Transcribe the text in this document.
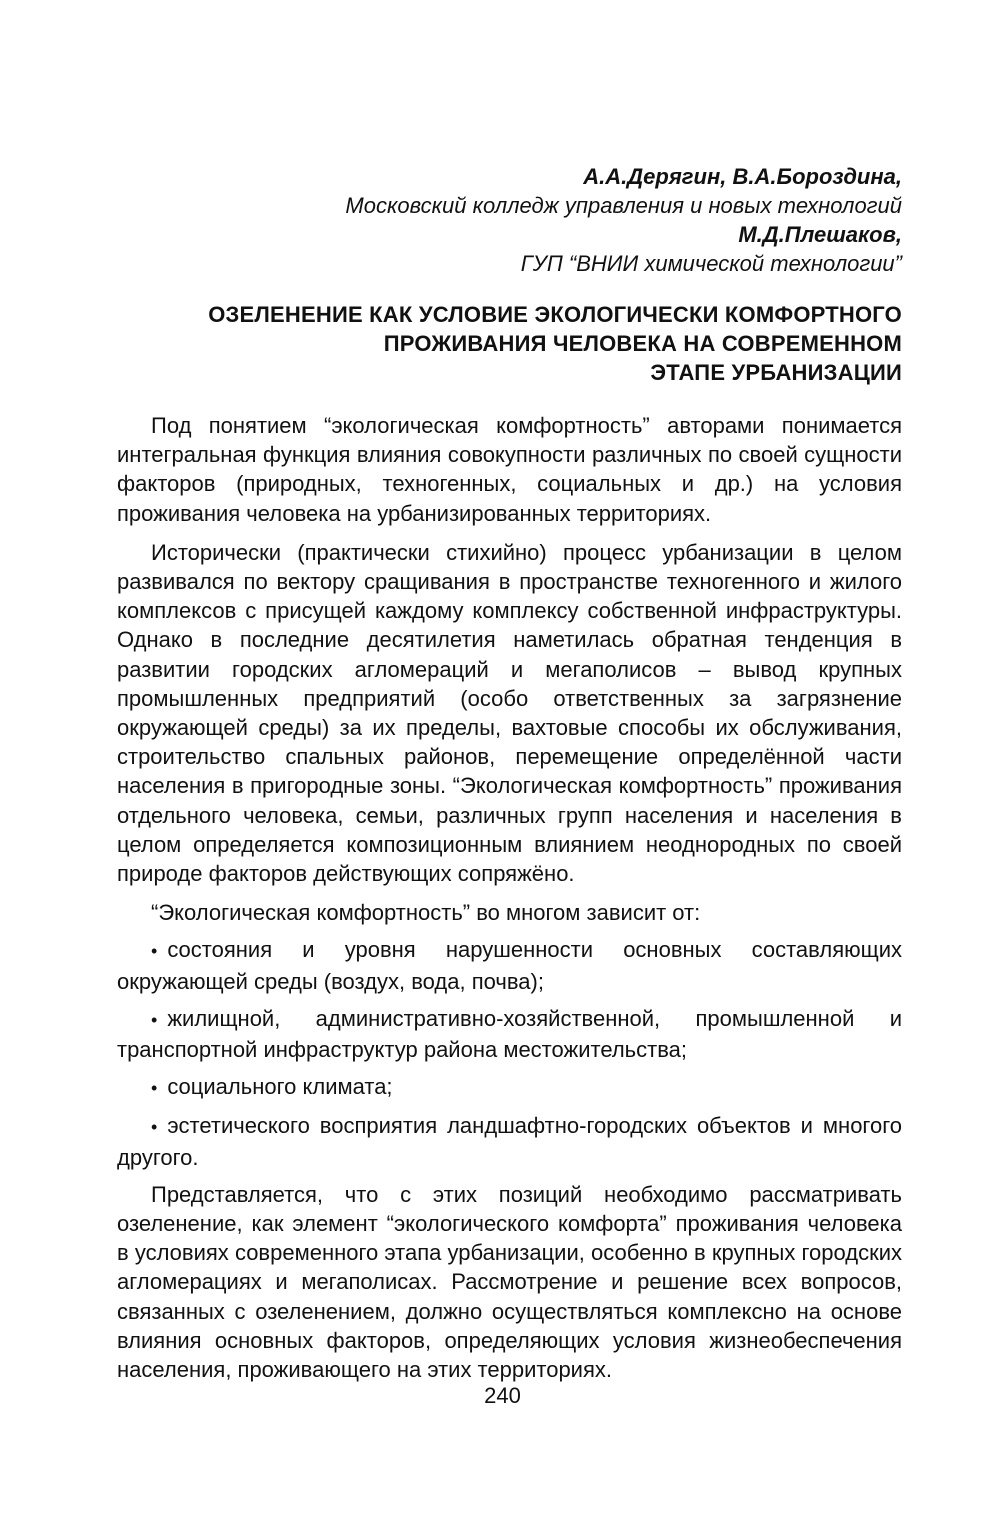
А.А.Дерягин, В.А.Бороздина,
Московский колледж управления и новых технологий
М.Д.Плешаков,
ГУП “ВНИИ химической технологии”
ОЗЕЛЕНЕНИЕ КАК УСЛОВИЕ ЭКОЛОГИЧЕСКИ КОМФОРТНОГО
ПРОЖИВАНИЯ ЧЕЛОВЕКА НА СОВРЕМЕННОМ
ЭТАПЕ УРБАНИЗАЦИИ

Под понятием “экологическая комфортность” авторами понимается интегральная функция влияния совокупности различных по своей сущности факторов (природных, техногенных, социальных и др.) на условия проживания человека на урбанизированных территориях.

Исторически (практически стихийно) процесс урбанизации в целом развивался по вектору сращивания в пространстве техногенного и жилого комплексов с присущей каждому комплексу собственной инфраструктуры. Однако в последние десятилетия наметилась обратная тенденция в развитии городских агломераций и мегаполисов – вывод крупных промышленных предприятий (особо ответственных за загрязнение окружающей среды) за их пределы, вахтовые способы их обслуживания, строительство спальных районов, перемещение определённой части населения в пригородные зоны. “Экологическая комфортность” проживания отдельного человека, семьи, различных групп населения и населения в целом определяется композиционным влиянием неоднородных по своей природе факторов действующих сопряжёно.

“Экологическая комфортность” во многом зависит от:

• состояния и уровня нарушенности основных составляющих окружающей среды (воздух, вода, почва);
• жилищной, административно-хозяйственной, промышленной и транспортной инфраструктур района местожительства;
• социального климата;
• эстетического восприятия ландшафтно-городских объектов и многого другого.

Представляется, что с этих позиций необходимо рассматривать озеленение, как элемент “экологического комфорта” проживания человека в условиях современного этапа урбанизации, особенно в крупных городских агломерациях и мегаполисах. Рассмотрение и решение всех вопросов, связанных с озеленением, должно осуществляться комплексно на основе влияния основных факторов, определяющих условия жизнеобеспечения населения, проживающего на этих территориях.

240
